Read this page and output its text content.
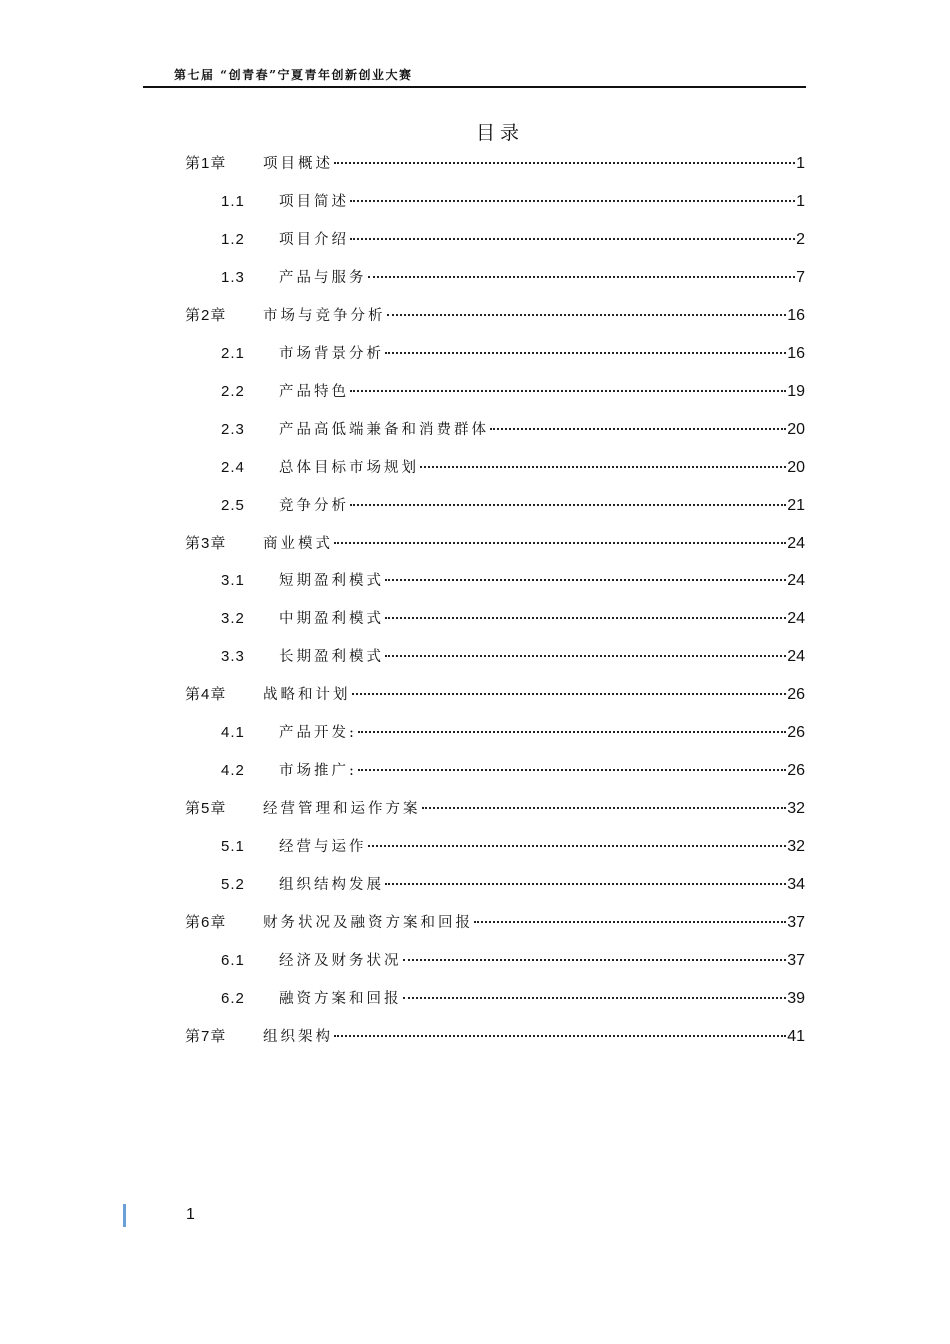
第七届 “创青春”宁夏青年创新创业大赛
目录
第1章	项目概述	1
1.1	项目简述	1
1.2	项目介绍	2
1.3	产品与服务	7
第2章	市场与竞争分析	16
2.1	市场背景分析	16
2.2	产品特色	19
2.3	产品高低端兼备和消费群体	20
2.4	总体目标市场规划	20
2.5	竞争分析	21
第3章	商业模式	24
3.1	短期盈利模式	24
3.2	中期盈利模式	24
3.3	长期盈利模式	24
第4章	战略和计划	26
4.1	产品开发:	26
4.2	市场推广:	26
第5章	经营管理和运作方案	32
5.1	经营与运作	32
5.2	组织结构发展	34
第6章	财务状况及融资方案和回报	37
6.1	经济及财务状况	37
6.2	融资方案和回报	39
第7章	组织架构	41
1
